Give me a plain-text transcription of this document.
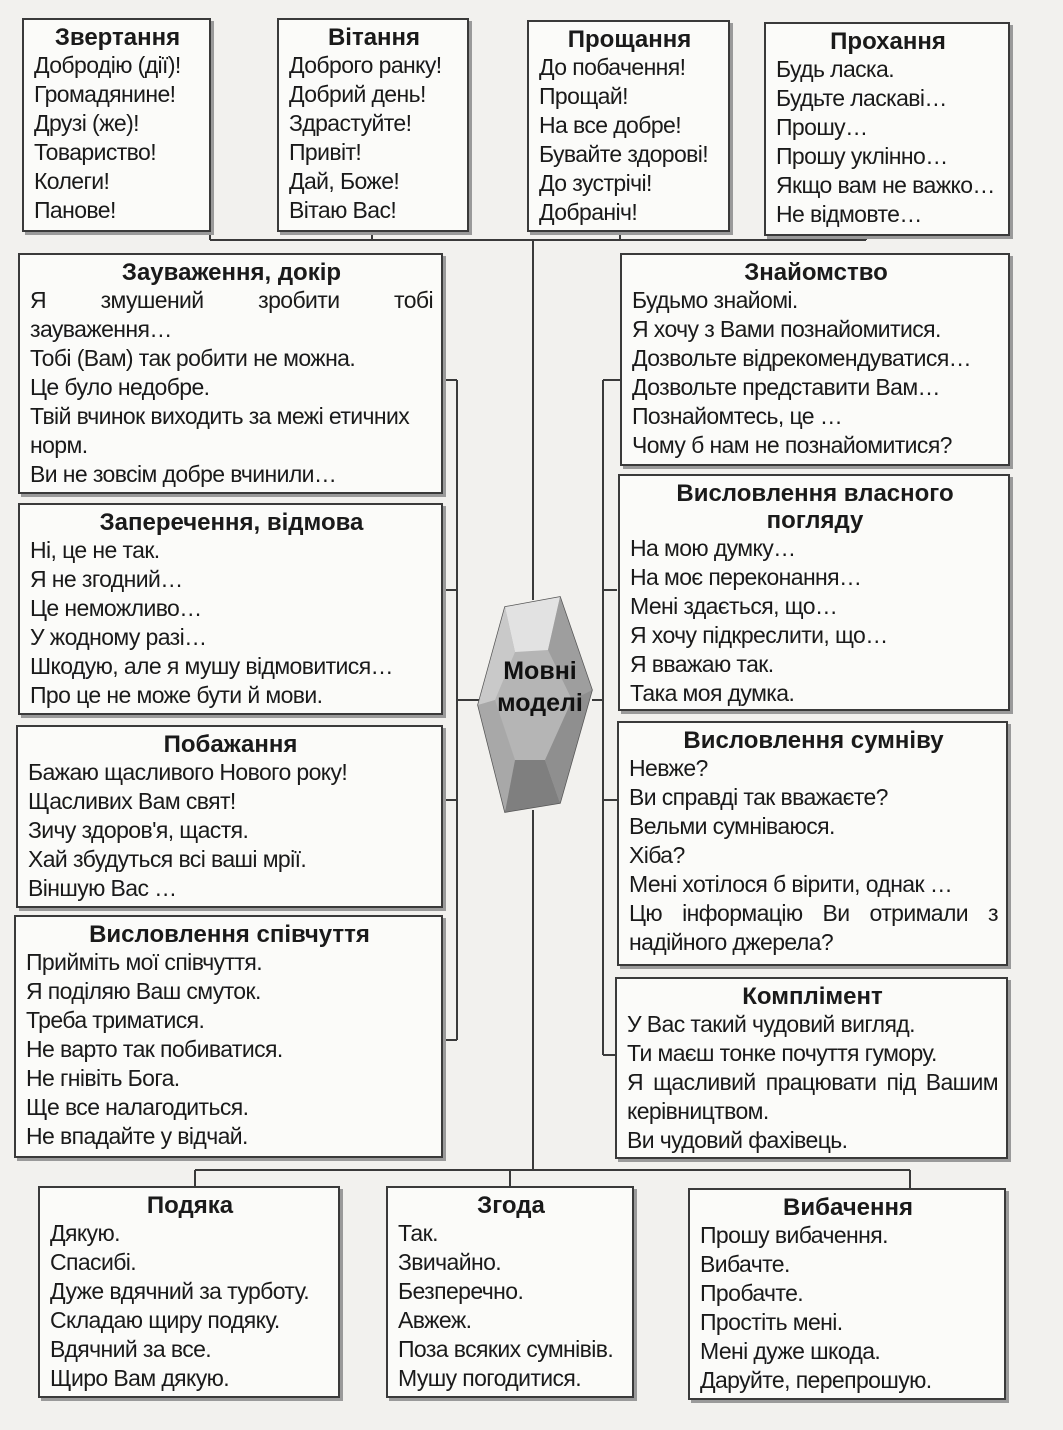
Мовні
моделі
Звертання
Добродію (дії)!
Громадянине!
Друзі (же)!
Товариство!
Колеги!
Панове!
Вітання
Доброго ранку!
Добрий день!
Здрастуйте!
Привіт!
Дай, Боже!
Вітаю Вас!
Прощання
До побачення!
Прощай!
На все добре!
Бувайте здорові!
До зустрічі!
Добраніч!
Прохання
Будь ласка.
Будьте ласкаві…
Прошу…
Прошу уклінно…
Якщо вам не важко…
Не відмовте…
Зауваження, докір
Я змушений зробити тобі зауваження…
Тобі (Вам) так робити не можна.
Це було недобре.
Твій вчинок виходить за межі етичних норм.
Ви не зовсім добре вчинили…
Заперечення, відмова
Ні, це не так.
Я не згодний…
Це неможливо…
У жодному разі…
Шкодую, але я мушу відмовитися…
Про це не може бути й мови.
Побажання
Бажаю щасливого Нового року!
Щасливих Вам свят!
Зичу здоров'я, щастя.
Хай збудуться всі ваші мрії.
Віншую Вас …
Висловлення співчуття
Прийміть мої співчуття.
Я поділяю Ваш смуток.
Треба триматися.
Не варто так побиватися.
Не гнівіть Бога.
Ще все налагодиться.
Не впадайте у відчай.
Знайомство
Будьмо знайомі.
Я хочу з Вами познайомитися.
Дозвольте відрекомендуватися…
Дозвольте представити Вам…
Познайомтесь, це …
Чому б нам не познайомитися?
Висловлення власного погляду
На мою думку…
На моє переконання…
Мені здається, що…
Я хочу підкреслити, що…
Я вважаю так.
Така моя думка.
Висловлення сумніву
Невже?
Ви справді так вважаєте?
Вельми сумніваюся.
Хіба?
Мені хотілося б вірити, однак …
Цю інформацію Ви отримали з надійного джерела?
Комплімент
У Вас такий чудовий вигляд.
Ти маєш тонке почуття гумору.
Я щасливий працювати під Вашим керівництвом.
Ви чудовий фахівець.
Подяка
Дякую.
Спасибі.
Дуже вдячний за турботу.
Складаю щиру подяку.
Вдячний за все.
Щиро Вам дякую.
Згода
Так.
Звичайно.
Безперечно.
Авжеж.
Поза всяких сумнівів.
Мушу погодитися.
Вибачення
Прошу вибачення.
Вибачте.
Пробачте.
Простіть мені.
Мені дуже шкода.
Даруйте, перепрошую.
